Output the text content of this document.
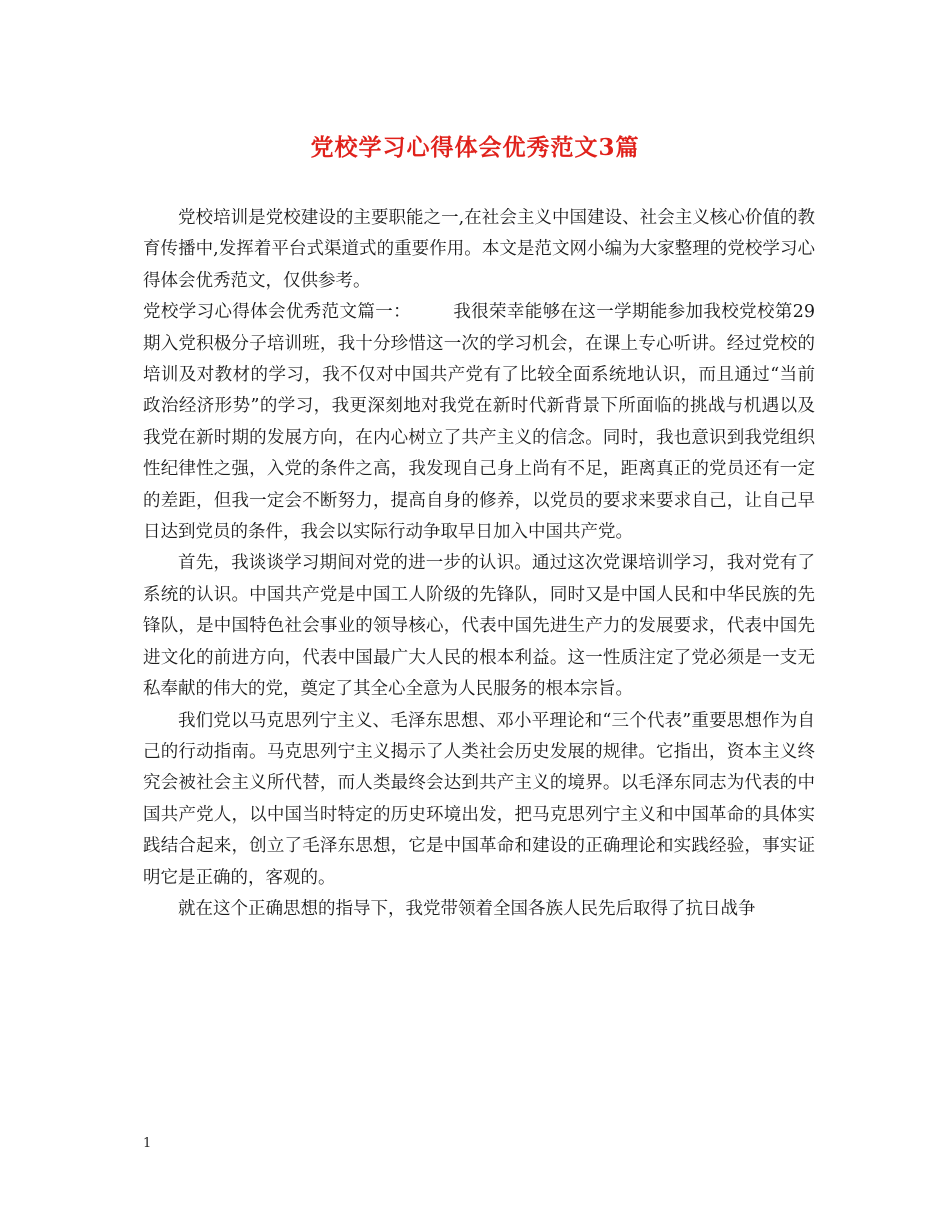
党校学习心得体会优秀范文3篇

党校培训是党校建设的主要职能之一,在社会主义中国建设、社会主义核心价值的教育传播中,发挥着平台式渠道式的重要作用。本文是范文网小编为大家整理的党校学习心得体会优秀范文，仅供参考。

党校学习心得体会优秀范文篇一： 我很荣幸能够在这一学期能参加我校党校第29期入党积极分子培训班，我十分珍惜这一次的学习机会，在课上专心听讲。经过党校的培训及对教材的学习，我不仅对中国共产党有了比较全面系统地认识，而且通过“当前政治经济形势”的学习，我更深刻地对我党在新时代新背景下所面临的挑战与机遇以及我党在新时期的发展方向，在内心树立了共产主义的信念。同时，我也意识到我党组织性纪律性之强，入党的条件之高，我发现自己身上尚有不足，距离真正的党员还有一定的差距，但我一定会不断努力，提高自身的修养，以党员的要求来要求自己，让自己早日达到党员的条件，我会以实际行动争取早日加入中国共产党。

首先，我谈谈学习期间对党的进一步的认识。通过这次党课培训学习，我对党有了系统的认识。中国共产党是中国工人阶级的先锋队，同时又是中国人民和中华民族的先锋队，是中国特色社会事业的领导核心，代表中国先进生产力的发展要求，代表中国先进文化的前进方向，代表中国最广大人民的根本利益。这一性质注定了党必须是一支无私奉献的伟大的党，奠定了其全心全意为人民服务的根本宗旨。

我们党以马克思列宁主义、毛泽东思想、邓小平理论和“三个代表”重要思想作为自己的行动指南。马克思列宁主义揭示了人类社会历史发展的规律。它指出，资本主义终究会被社会主义所代替，而人类最终会达到共产主义的境界。以毛泽东同志为代表的中国共产党人，以中国当时特定的历史环境出发，把马克思列宁主义和中国革命的具体实践结合起来，创立了毛泽东思想，它是中国革命和建设的正确理论和实践经验，事实证明它是正确的，客观的。

就在这个正确思想的指导下，我党带领着全国各族人民先后取得了抗日战争

1
